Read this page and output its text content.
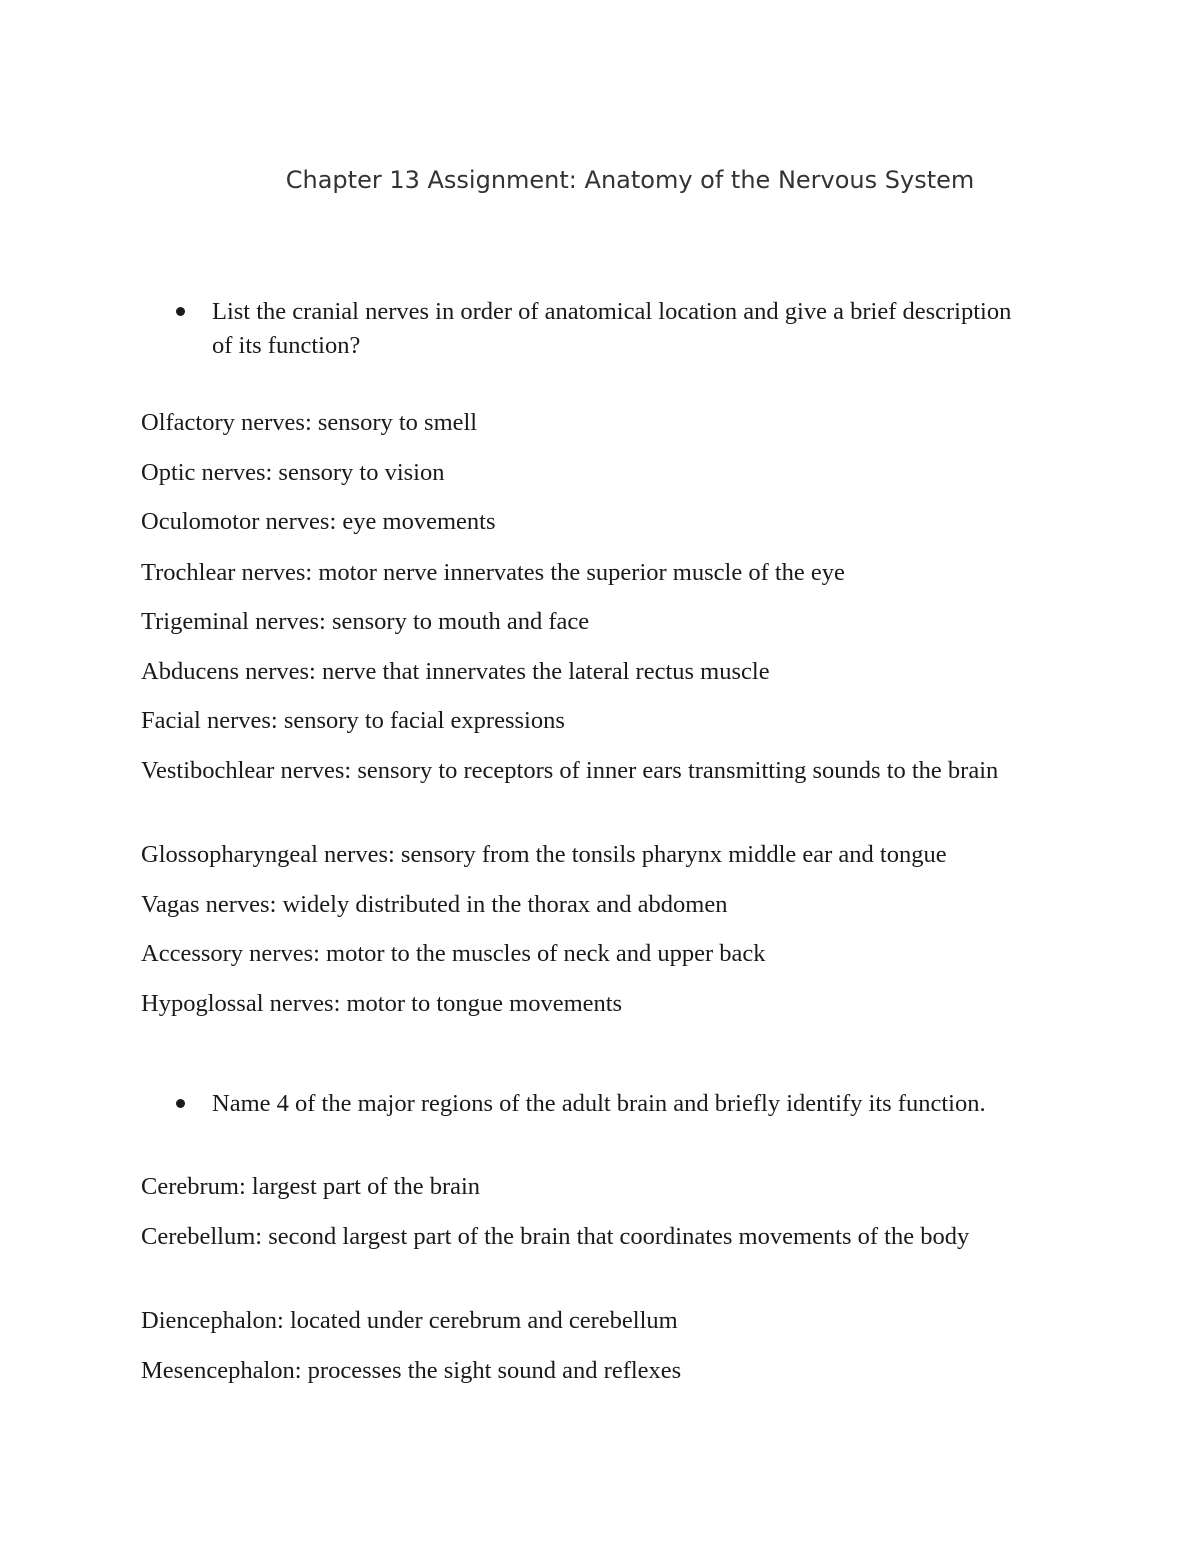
Chapter 13 Assignment: Anatomy of the Nervous System
List the cranial nerves in order of anatomical location and give a brief description of its function?
Olfactory nerves: sensory to smell
Optic nerves: sensory to vision
Oculomotor nerves: eye movements
Trochlear nerves: motor nerve innervates the superior muscle of the eye
Trigeminal nerves: sensory to mouth and face
Abducens nerves: nerve that innervates the lateral rectus muscle
Facial nerves: sensory to facial expressions
Vestibochlear nerves: sensory to receptors of inner ears transmitting sounds to the brain
Glossopharyngeal nerves: sensory from the tonsils pharynx middle ear and tongue
Vagas nerves: widely distributed in the thorax and abdomen
Accessory nerves: motor to the muscles of neck and upper back
Hypoglossal nerves: motor to tongue movements
Name 4 of the major regions of the adult brain and briefly identify its function.
Cerebrum: largest part of the brain
Cerebellum: second largest part of the brain that coordinates movements of the body
Diencephalon: located under cerebrum and cerebellum
Mesencephalon: processes the sight sound and reflexes
